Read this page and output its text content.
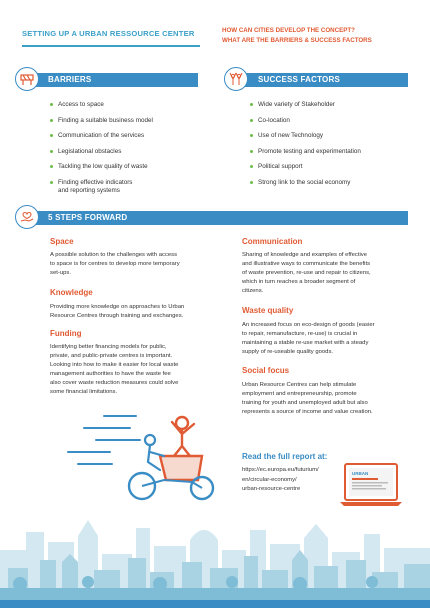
SETTING UP A URBAN RESSOURCE CENTER	HOW CAN CITIES DEVELOP THE CONCEPT?
WHAT ARE THE BARRIERS & SUCCESS FACTORS
BARRIERS	SUCCESS FACTORS
Access to space
Finding a suitable business model
Communication of the services
Legislational obstacles
Tackling the low quality of waste
Finding effective indicators
and reporting systems
Wide variety of Stakeholder
Co-location
Use of new Technology
Promote testing and experimentation
Political support
Strong link to the social economy
5 STEPS FORWARD
Space
A possible solution to the challenges with access
to space is for centres to develop more temporary
set-ups.
Knowledge
Providing more knowledge on approaches to Urban
Resource Centres through training and exchanges.
Funding
Identifying better financing models for public,
private, and public-private centres is important.
Looking into how to make it easier for local waste
management authorities to have the waste fee
also cover waste reduction measures could solve
some financial limitations.
Communication
Sharing of knowledge and examples of effective
and illustrative ways to communicate the benefits
of waste prevention, re-use and repair to citizens,
which in turn reaches a broader segment of
citizens.
Waste quality
An increased focus on eco-design of goods (easier
to repair, remanufacture, re-use) is crucial in
maintaining a stable re-use market with a steady
supply of re-useable quality goods.
Social focus
Urban Resource Centres can help stimulate
employment and entrepreneurship, promote
training for youth and unemployed adult but also
represents a source of income and value creation.
Read the full report at:
https://ec.europa.eu/futurium/
en/circular-economy/
urban-resource-centre
URBAN
